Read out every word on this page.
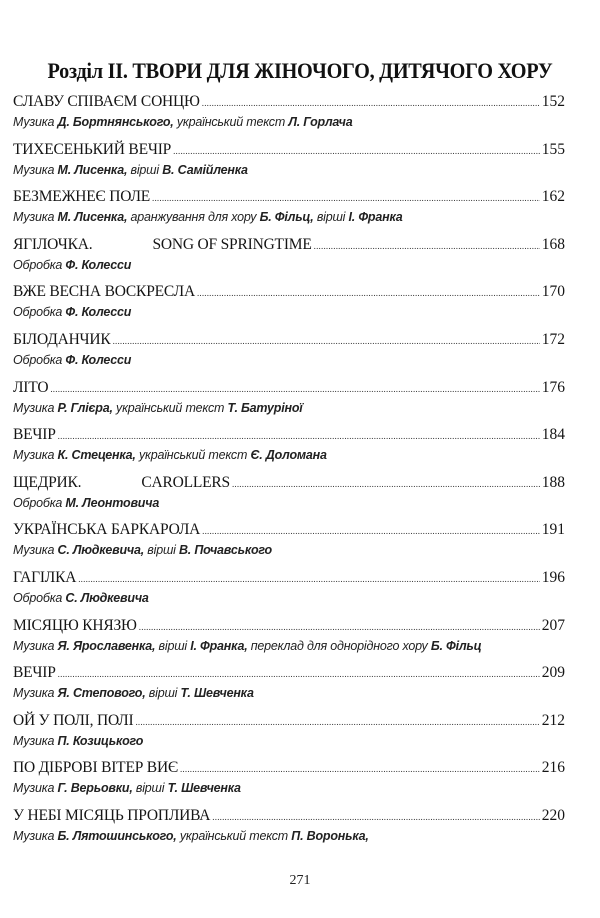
Розділ ІІ. ТВОРИ ДЛЯ ЖІНОЧОГО, ДИТЯЧОГО ХОРУ
СЛАВУ СПІВАЄМ СОНЦЮ .....	152
Музика Д. Бортнянського, український текст Л. Горлача
ТИХЕСЕНЬКИЙ ВЕЧІР .....	155
Музика М. Лисенка, вірші В. Самійленка
БЕЗМЕЖНЕЄ ПОЛЕ .....	162
Музика М. Лисенка, аранжування для хору Б. Фільц, вірші І. Франка
ЯГІЛОЧКА.	SONG OF SPRINGTIME .....	168
Обробка Ф. Колесси
ВЖЕ ВЕСНА ВОСКРЕСЛА .....	170
Обробка Ф. Колесси
БІЛОДАНЧИК .....	172
Обробка Ф. Колесси
ЛІТО .....	176
Музика Р. Глієра, український текст Т. Батуріної
ВЕЧІР .....	184
Музика К. Стеценка, український текст Є. Доломана
ЩЕДРИК.	CAROLLERS .....	188
Обробка М. Леонтовича
УКРАЇНСЬКА БАРКАРОЛА .....	191
Музика С. Людкевича, вірші В. Почавського
ГАГІЛКА .....	196
Обробка С. Людкевича
МІСЯЦЮ КНЯЗЮ .....	207
Музика Я. Ярославенка, вірші І. Франка, переклад для однорідного хору Б. Фільц
ВЕЧІР .....	209
Музика Я. Степового, вірші Т. Шевченка
ОЙ У ПОЛІ, ПОЛІ .....	212
Музика П. Козицького
ПО ДІБРОВІ ВІТЕР ВИЄ .....	216
Музика Г. Верьовки, вірші Т. Шевченка
У НЕБІ МІСЯЦЬ ПРОПЛИВА .....	220
Музика Б. Лятошинського, український текст П. Воронька,
271
